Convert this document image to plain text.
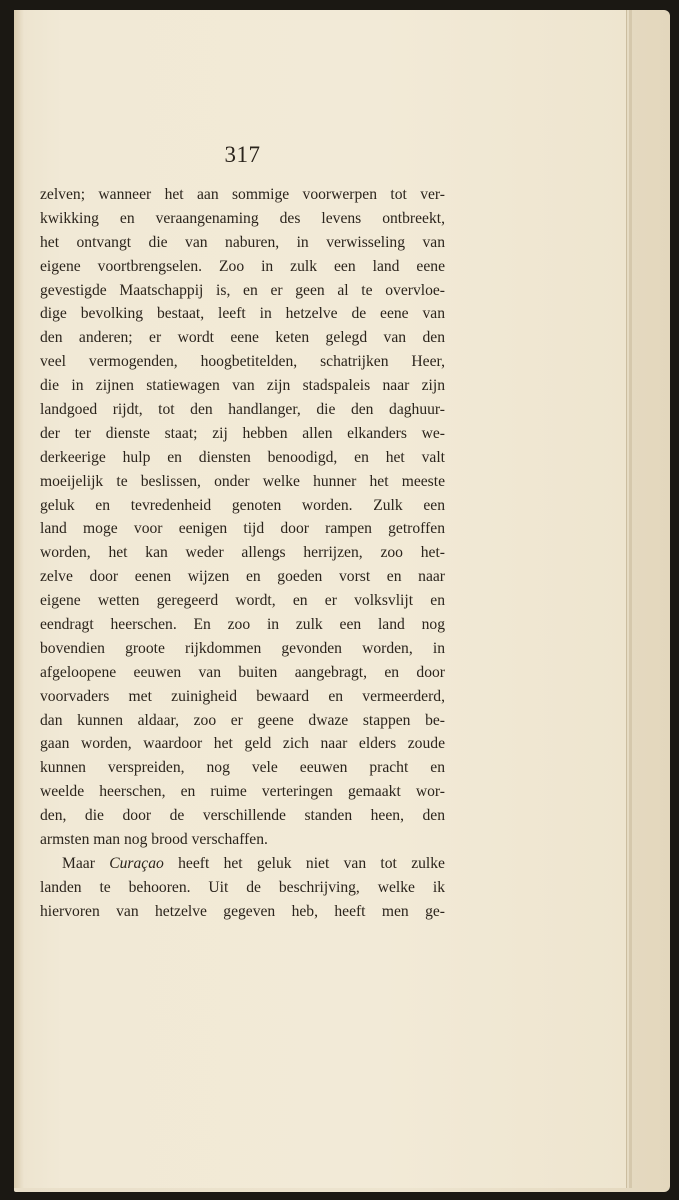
317
zelven; wanneer het aan sommige voorwerpen tot ver-
kwikking en veraangenaming des levens ontbreekt,
het ontvangt die van naburen, in verwisseling van
eigene voortbrengselen. Zoo in zulk een land eene
gevestigde Maatschappij is, en er geen al te overvloe-
dige bevolking bestaat, leeft in hetzelve de eene van
den anderen; er wordt eene keten gelegd van den
veel vermogenden, hoogbetitelden, schatrijken Heer,
die in zijnen statiewagen van zijn stadspaleis naar zijn
landgoed rijdt, tot den handlanger, die den daghuur-
der ter dienste staat; zij hebben allen elkanders we-
derkeerige hulp en diensten benoodigd, en het valt
moeijelijk te beslissen, onder welke hunner het meeste
geluk en tevredenheid genoten worden. Zulk een
land moge voor eenigen tijd door rampen getroffen
worden, het kan weder allengs herrijzen, zoo het-
zelve door eenen wijzen en goeden vorst en naar
eigene wetten geregeerd wordt, en er volksvlijt en
eendragt heerschen. En zoo in zulk een land nog
bovendien groote rijkdommen gevonden worden, in
afgeloopene eeuwen van buiten aangebragt, en door
voorvaders met zuinigheid bewaard en vermeerderd,
dan kunnen aldaar, zoo er geene dwaze stappen be-
gaan worden, waardoor het geld zich naar elders zoude
kunnen verspreiden, nog vele eeuwen pracht en
weelde heerschen, en ruime verteringen gemaakt wor-
den, die door de verschillende standen heen, den
armsten man nog brood verschaffen.
Maar Curaçao heeft het geluk niet van tot zulke
landen te behooren. Uit de beschrijving, welke ik
hiervoren van hetzelve gegeven heb, heeft men ge-
